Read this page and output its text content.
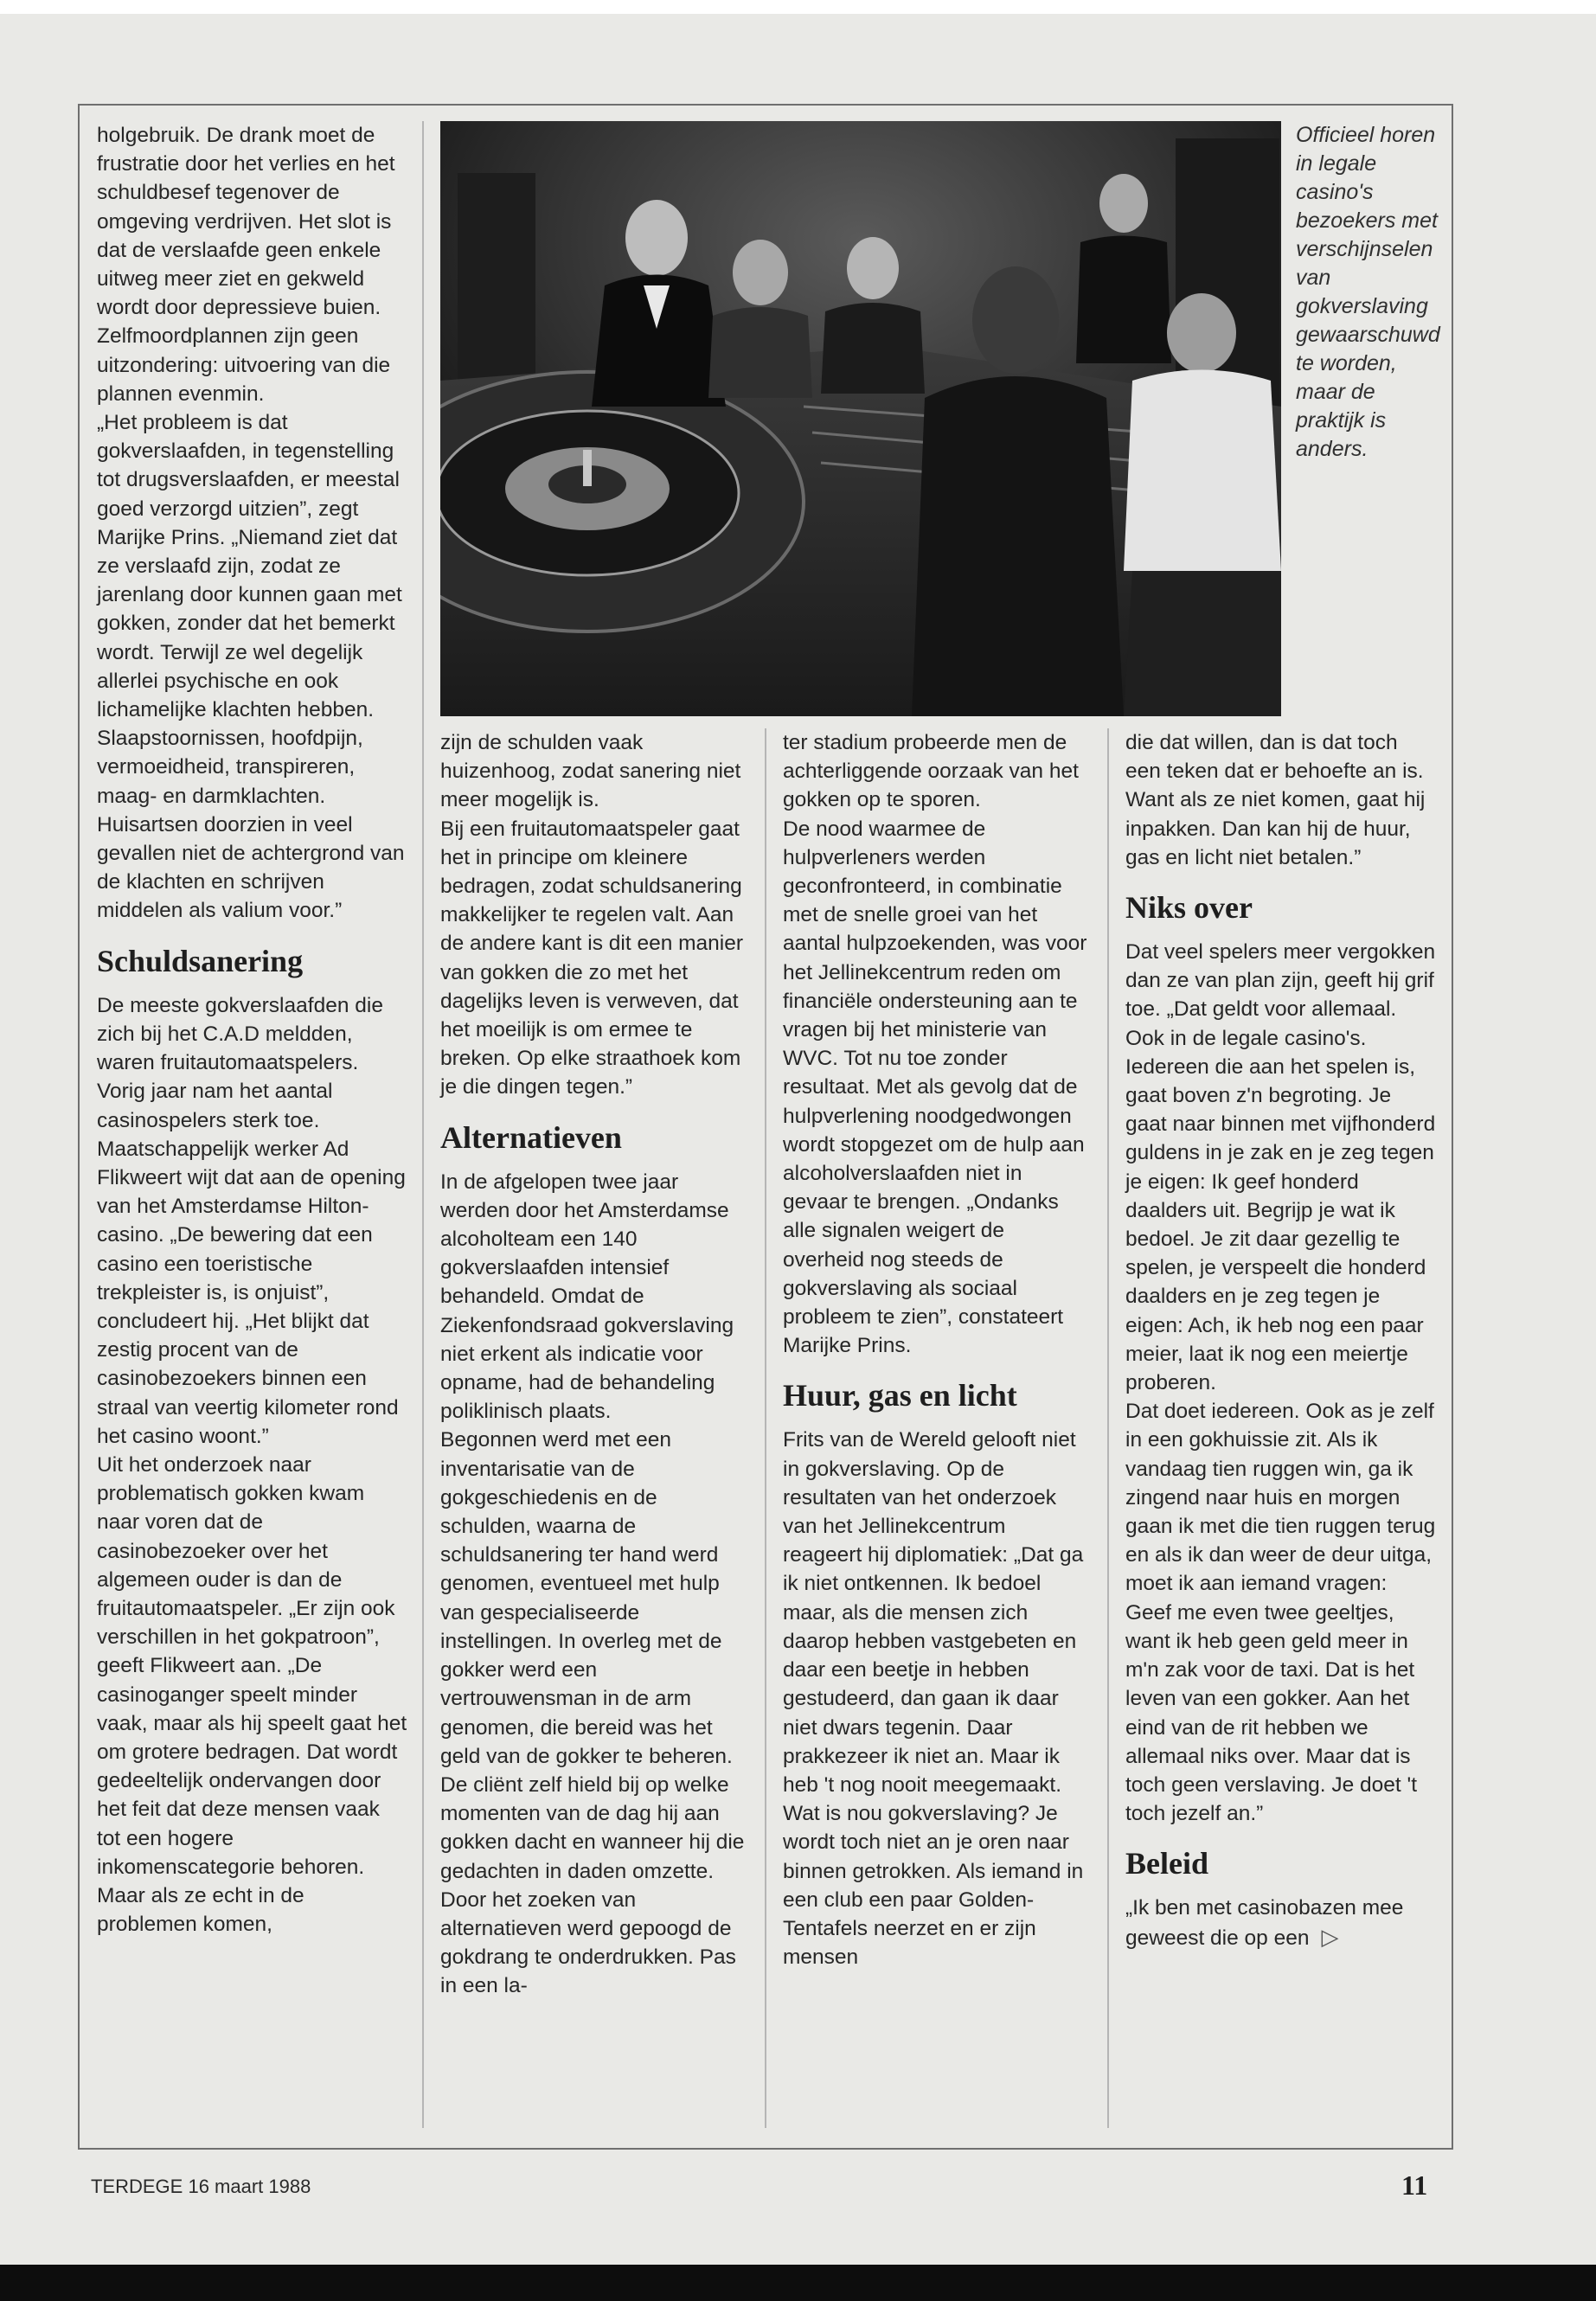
Officieel horen in legale casino's bezoekers met verschijnselen van gokverslaving gewaarschuwd te worden, maar de praktijk is anders.

holgebruik. De drank moet de frustratie door het verlies en het schuldbesef tegenover de omgeving verdrijven. Het slot is dat de verslaafde geen enkele uitweg meer ziet en gekweld wordt door depressieve buien. Zelfmoordplannen zijn geen uitzondering: uitvoering van die plannen evenmin.

„Het probleem is dat gokverslaafden, in tegenstelling tot drugsverslaafden, er meestal goed verzorgd uitzien”, zegt Marijke Prins. „Niemand ziet dat ze verslaafd zijn, zodat ze jarenlang door kunnen gaan met gokken, zonder dat het bemerkt wordt. Terwijl ze wel degelijk allerlei psychische en ook lichamelijke klachten hebben. Slaapstoornissen, hoofdpijn, vermoeidheid, transpireren, maag- en darmklachten. Huisartsen doorzien in veel gevallen niet de achtergrond van de klachten en schrijven middelen als valium voor.”

Schuldsanering

De meeste gokverslaafden die zich bij het C.A.D meldden, waren fruitautomaatspelers. Vorig jaar nam het aantal casinospelers sterk toe. Maatschappelijk werker Ad Flikweert wijt dat aan de opening van het Amsterdamse Hilton-casino. „De bewering dat een casino een toeristische trekpleister is, is onjuist”, concludeert hij. „Het blijkt dat zestig procent van de casinobezoekers binnen een straal van veertig kilometer rond het casino woont.”

Uit het onderzoek naar problematisch gokken kwam naar voren dat de casinobezoeker over het algemeen ouder is dan de fruitautomaatspeler. „Er zijn ook verschillen in het gokpatroon”, geeft Flikweert aan. „De casinoganger speelt minder vaak, maar als hij speelt gaat het om grotere bedragen. Dat wordt gedeeltelijk ondervangen door het feit dat deze mensen vaak tot een hogere inkomenscategorie behoren. Maar als ze echt in de problemen komen,

zijn de schulden vaak huizenhoog, zodat sanering niet meer mogelijk is.

Bij een fruitautomaatspeler gaat het in principe om kleinere bedragen, zodat schuldsanering makkelijker te regelen valt. Aan de andere kant is dit een manier van gokken die zo met het dagelijks leven is verweven, dat het moeilijk is om ermee te breken. Op elke straathoek kom je die dingen tegen.”

Alternatieven

In de afgelopen twee jaar werden door het Amsterdamse alcoholteam een 140 gokverslaafden intensief behandeld. Omdat de Ziekenfondsraad gokverslaving niet erkent als indicatie voor opname, had de behandeling poliklinisch plaats.

Begonnen werd met een inventarisatie van de gokgeschiedenis en de schulden, waarna de schuldsanering ter hand werd genomen, eventueel met hulp van gespecialiseerde instellingen. In overleg met de gokker werd een vertrouwensman in de arm genomen, die bereid was het geld van de gokker te beheren. De cliënt zelf hield bij op welke momenten van de dag hij aan gokken dacht en wanneer hij die gedachten in daden omzette. Door het zoeken van alternatieven werd gepoogd de gokdrang te onderdrukken. Pas in een la-

ter stadium probeerde men de achterliggende oorzaak van het gokken op te sporen.

De nood waarmee de hulpverleners werden geconfronteerd, in combinatie met de snelle groei van het aantal hulpzoekenden, was voor het Jellinekcentrum reden om financiële ondersteuning aan te vragen bij het ministerie van WVC. Tot nu toe zonder resultaat. Met als gevolg dat de hulpverlening noodgedwongen wordt stopgezet om de hulp aan alcoholverslaafden niet in gevaar te brengen. „Ondanks alle signalen weigert de overheid nog steeds de gokverslaving als sociaal probleem te zien”, constateert Marijke Prins.

Huur, gas en licht

Frits van de Wereld gelooft niet in gokverslaving. Op de resultaten van het onderzoek van het Jellinekcentrum reageert hij diplomatiek: „Dat ga ik niet ontkennen. Ik bedoel maar, als die mensen zich daarop hebben vastgebeten en daar een beetje in hebben gestudeerd, dan gaan ik daar niet dwars tegenin. Daar prakkezeer ik niet an. Maar ik heb 't nog nooit meegemaakt.

Wat is nou gokverslaving? Je wordt toch niet an je oren naar binnen getrokken. Als iemand in een club een paar Golden-Tentafels neerzet en er zijn mensen

die dat willen, dan is dat toch een teken dat er behoefte an is. Want als ze niet komen, gaat hij inpakken. Dan kan hij de huur, gas en licht niet betalen.”

Niks over

Dat veel spelers meer vergokken dan ze van plan zijn, geeft hij grif toe. „Dat geldt voor allemaal. Ook in de legale casino's. Iedereen die aan het spelen is, gaat boven z'n begroting. Je gaat naar binnen met vijfhonderd guldens in je zak en je zeg tegen je eigen: Ik geef honderd daalders uit. Begrijp je wat ik bedoel. Je zit daar gezellig te spelen, je verspeelt die honderd daalders en je zeg tegen je eigen: Ach, ik heb nog een paar meier, laat ik nog een meiertje proberen.

Dat doet iedereen. Ook as je zelf in een gokhuissie zit. Als ik vandaag tien ruggen win, ga ik zingend naar huis en morgen gaan ik met die tien ruggen terug en als ik dan weer de deur uitga, moet ik aan iemand vragen: Geef me even twee geeltjes, want ik heb geen geld meer in m'n zak voor de taxi. Dat is het leven van een gokker. Aan het eind van de rit hebben we allemaal niks over. Maar dat is toch geen verslaving. Je doet 't toch jezelf an.”

Beleid

„Ik ben met casinobazen mee geweest die op een ▷

TERDEGE 16 maart 1988	11
